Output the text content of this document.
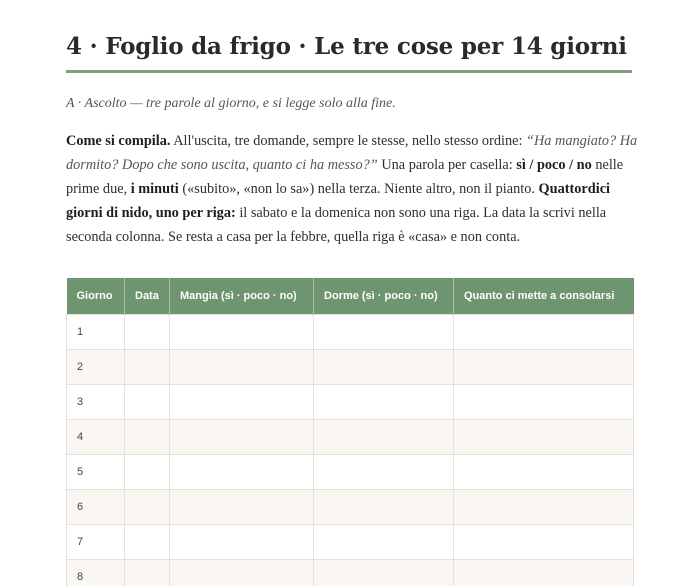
4 · Foglio da frigo · Le tre cose per 14 giorni

A · Ascolto — tre parole al giorno, e si legge solo alla fine.

Come si compila. All'uscita, tre domande, sempre le stesse, nello stesso ordine: “Ha mangiato? Ha dormito? Dopo che sono uscita, quanto ci ha messo?” Una parola per casella: sì / poco / no nelle prime due, i minuti («subito», «non lo sa») nella terza. Niente altro, non il pianto. Quattordici giorni di nido, uno per riga: il sabato e la domenica non sono una riga. La data la scrivi nella seconda colonna. Se resta a casa per la febbre, quella riga è «casa» e non conta.

Giorno	Data	Mangia (sì · poco · no)	Dorme (sì · poco · no)	Quanto ci mette a consolarsi
1				
2				
3				
4				
5				
6				
7				
8				
